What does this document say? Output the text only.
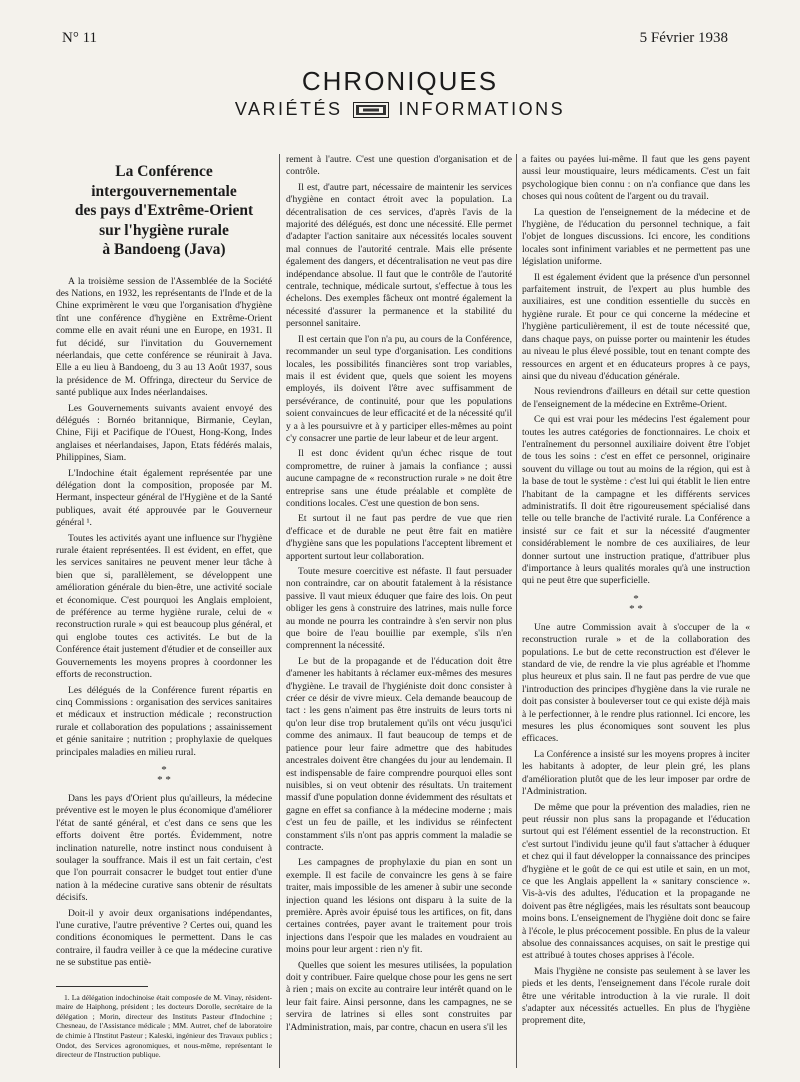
N° 11	5 Février 1938
CHRONIQUES
VARIÉTÉS	INFORMATIONS
La Conférence
intergouvernementale
des pays d'Extrême-Orient
sur l'hygiène rurale
à Bandoeng (Java)

A la troisième session de l'Assemblée de la Société des Nations, en 1932, les représentants de l'Inde et de la Chine exprimèrent le vœu que l'organisation d'hygiène tînt une conférence d'hygiène en Extrême-Orient comme elle en avait réuni une en Europe, en 1931. Il fut décidé, sur l'invitation du Gouvernement néerlandais, que cette conférence se réunirait à Java. Elle a eu lieu à Bandoeng, du 3 au 13 Août 1937, sous la présidence de M. Offringa, directeur du Service de santé publique aux Indes néerlandaises.

Les Gouvernements suivants avaient envoyé des délégués : Bornéo britannique, Birmanie, Ceylan, Chine, Fiji et Pacifique de l'Ouest, Hong-Kong, Indes anglaises et néerlandaises, Japon, Etats fédérés malais, Philippines, Siam.

L'Indochine était également représentée par une délégation dont la composition, proposée par M. Hermant, inspecteur général de l'Hygiène et de la Santé publiques, avait été approuvée par le Gouverneur général ¹.

Toutes les activités ayant une influence sur l'hygiène rurale étaient représentées. Il est évident, en effet, que les services sanitaires ne peuvent mener leur tâche à bien que si, parallèlement, se développent une amélioration générale du bien-être, une activité sociale et économique. C'est pourquoi les Anglais emploient, de préférence au terme hygiène rurale, celui de « reconstruction rurale » qui est beaucoup plus général, et qui englobe toutes ces activités. Le but de la Conférence était justement d'étudier et de conseiller aux Gouvernements les moyens propres à coordonner les efforts de reconstruction.

Les délégués de la Conférence furent répartis en cinq Commissions : organisation des services sanitaires et médicaux et instruction médicale ; reconstruction rurale et collaboration des populations ; assainissement et génie sanitaire ; nutrition ; prophylaxie de quelques principales maladies en milieu rural.

*
* *

Dans les pays d'Orient plus qu'ailleurs, la médecine préventive est le moyen le plus économique d'améliorer l'état de santé général, et c'est dans ce sens que les efforts doivent être portés. Évidemment, notre inclination naturelle, notre instinct nous conduisent à soulager la souffrance. Mais il est un fait certain, c'est que l'on pourrait consacrer le budget tout entier d'une nation à la médecine curative sans obtenir de résultats décisifs.

Doit-il y avoir deux organisations indépendantes, l'une curative, l'autre préventive ? Certes oui, quand les conditions économiques le permettent. Dans le cas contraire, il faudra veiller à ce que la médecine curative ne se substitue pas entiè-

1. La délégation indochinoise était composée de M. Vinay, résident-maire de Haiphong, président ; les docteurs Dorolle, secrétaire de la délégation ; Morin, directeur des Instituts Pasteur d'Indochine ; Chesneau, de l'Assistance médicale ; MM. Autret, chef de laboratoire de chimie à l'Institut Pasteur ; Kaleski, ingénieur des Travaux publics ; Ondot, des Services agronomiques, et nous-même, représentant le directeur de l'Instruction publique.

rement à l'autre. C'est une question d'organisation et de contrôle.

Il est, d'autre part, nécessaire de maintenir les services d'hygiène en contact étroit avec la population. La décentralisation de ces services, d'après l'avis de la majorité des délégués, est donc une nécessité. Elle permet d'adapter l'action sanitaire aux nécessités locales souvent mal connues de l'autorité centrale. Mais elle présente également des dangers, et décentralisation ne veut pas dire indépendance absolue. Il faut que le contrôle de l'autorité centrale, technique, médicale surtout, s'effectue à tous les échelons. Des exemples fâcheux ont montré également la nécessité d'assurer la permanence et la stabilité du personnel sanitaire.

Il est certain que l'on n'a pu, au cours de la Conférence, recommander un seul type d'organisation. Les conditions locales, les possibilités financières sont trop variables, mais il est évident que, quels que soient les moyens employés, ils doivent l'être avec suffisamment de persévérance, de continuité, pour que les populations soient convaincues de leur efficacité et de la nécessité qu'il y a à les poursuivre et à y participer elles-mêmes au point c'y consacrer une partie de leur labeur et de leur argent.

Il est donc évident qu'un échec risque de tout compromettre, de ruiner à jamais la confiance ; aussi aucune campagne de « reconstruction rurale » ne doit être entreprise sans une étude préalable et complète de conditions locales. C'est une question de bon sens.

Et surtout il ne faut pas perdre de vue que rien d'efficace et de durable ne peut être fait en matière d'hygiène sans que les populations l'acceptent librement et apportent surtout leur collaboration.

Toute mesure coercitive est néfaste. Il faut persuader non contraindre, car on aboutit fatalement à la résistance passive. Il vaut mieux éduquer que faire des lois. On peut obliger les gens à construire des latrines, mais nulle force au monde ne pourra les contraindre à s'en servir non plus que boire de l'eau bouillie par exemple, s'ils n'en comprennent la nécessité.

Le but de la propagande et de l'éducation doit être d'amener les habitants à réclamer eux-mêmes des mesures d'hygiène. Le travail de l'hygiéniste doit donc consister à créer ce désir de vivre mieux. Cela demande beaucoup de tact : les gens n'aiment pas être instruits de leurs torts ni qu'on leur dise trop brutalement qu'ils ont vécu jusqu'ici comme des animaux. Il faut beaucoup de temps et de patience pour leur faire admettre que des habitudes ancestrales doivent être changées du jour au lendemain. Il est indispensable de faire comprendre pourquoi elles sont nuisibles, si on veut obtenir des résultats. Un traitement massif d'une population donne évidemment des résultats et gagne en effet sa confiance à la médecine moderne ; mais c'est un feu de paille, et les individus se réinfectent constamment s'ils n'ont pas appris comment la maladie se contracte.

Les campagnes de prophylaxie du pian en sont un exemple. Il est facile de convaincre les gens à se faire traiter, mais impossible de les amener à subir une seconde injection quand les lésions ont disparu à la suite de la première. Après avoir épuisé tous les artifices, on fit, dans certaines contrées, payer avant le traitement pour trois injections dans l'espoir que les malades en voudraient au moins pour leur argent : rien n'y fit.

Quelles que soient les mesures utilisées, la population doit y contribuer. Faire quelque chose pour les gens ne sert à rien ; mais on excite au contraire leur intérêt quand on le leur fait faire. Ainsi personne, dans les campagnes, ne se servira de latrines si elles sont construites par l'Administration, mais, par contre, chacun en usera s'il les

a faites ou payées lui-même. Il faut que les gens payent aussi leur moustiquaire, leurs médicaments. C'est un fait psychologique bien connu : on n'a confiance que dans les choses qui nous coûtent de l'argent ou du travail.

La question de l'enseignement de la médecine et de l'hygiène, de l'éducation du personnel technique, a fait l'objet de longues discussions. Ici encore, les conditions locales sont infiniment variables et ne permettent pas une législation uniforme.

Il est également évident que la présence d'un personnel parfaitement instruit, de l'expert au plus humble des auxiliaires, est une condition essentielle du succès en hygiène rurale. Et pour ce qui concerne la médecine et l'hygiène particulièrement, il est de toute nécessité que, dans chaque pays, on puisse porter ou maintenir les études au niveau le plus élevé possible, tout en tenant compte des ressources en argent et en éducateurs propres à ce pays, ainsi que du niveau d'éducation générale.

Nous reviendrons d'ailleurs en détail sur cette question de l'enseignement de la médecine en Extrême-Orient.

Ce qui est vrai pour les médecins l'est également pour toutes les autres catégories de fonctionnaires. Le choix et l'entraînement du personnel auxiliaire doivent être l'objet de tous les soins : c'est en effet ce personnel, originaire souvent du village ou tout au moins de la région, qui est à la base de tout le système : c'est lui qui établit le lien entre l'habitant de la campagne et les différents services administratifs. Il doit être rigoureusement spécialisé dans telle ou telle branche de l'activité rurale. La Conférence a insisté sur ce fait et sur la nécessité d'augmenter considérablement le nombre de ces auxiliaires, de leur donner surtout une instruction pratique, d'attribuer plus d'importance à leurs qualités morales qu'à une instruction qui ne peut être que superficielle.

*
* *

Une autre Commission avait à s'occuper de la « reconstruction rurale » et de la collaboration des populations. Le but de cette reconstruction est d'élever le standard de vie, de rendre la vie plus agréable et l'homme plus heureux et plus sain. Il ne faut pas perdre de vue que l'introduction des principes d'hygiène dans la vie rurale ne doit pas consister à bouleverser tout ce qui existe déjà mais à le perfectionner, à le rendre plus rationnel. Ici encore, les mesures les plus économiques sont souvent les plus efficaces.

La Conférence a insisté sur les moyens propres à inciter les habitants à adopter, de leur plein gré, les plans d'amélioration plutôt que de les leur imposer par ordre de l'Administration.

De même que pour la prévention des maladies, rien ne peut réussir non plus sans la propagande et l'éducation surtout qui est l'élément essentiel de la reconstruction. Et c'est surtout l'individu jeune qu'il faut s'attacher à éduquer et chez qui il faut développer la connaissance des principes d'hygiène et le goût de ce qui est utile et sain, en un mot, ce que les Anglais appellent la « sanitary conscience ». Vis-à-vis des adultes, l'éducation et la propagande ne doivent pas être négligées, mais les résultats sont beaucoup moins bons. L'enseignement de l'hygiène doit donc se faire à l'école, le plus précocement possible. En plus de la valeur absolue des connaissances acquises, on sait le prestige qui est attribué à toutes choses apprises à l'école.

Mais l'hygiène ne consiste pas seulement à se laver les pieds et les dents, l'enseignement dans l'école rurale doit être une véritable introduction à la vie rurale. Il doit s'adapter aux nécessités actuelles. En plus de l'hygiène proprement dite,
